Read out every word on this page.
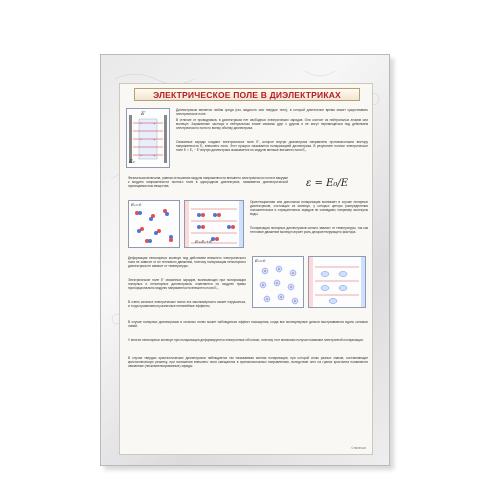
ЭЛЕКТРИЧЕСКОЕ ПОЛЕ В ДИЭЛЕКТРИКАХ
−	+
−	+
−	+
E′
E₀
Диэлектриком является любая среда (газ, жидкость или твердое тело), в которой длительное время может существовать электрическое поле.
В отличие от проводников, в диэлектриках нет свободных электрических зарядов. Они состоят из нейтральных атомов или молекул. Заряженные частицы в нейтральном атоме связаны друг с другом и не могут перемещаться под действием электрического поля по всему объему диэлектрика.
Связанные заряды создают электрическое поле E′, которое внутри диэлектрика направлено противоположно вектору напряженности E₀ внешнего поля. Этот процесс называется поляризацией диэлектрика. В результате полное электрическое поле E = E₀ − E′ внутри диэлектрика оказывается по модулю меньше внешнего поля E₀.
Физическая величина, равная отношению модуля напряженности внешнего электрического поля в вакууме к модулю напряженности полного поля в однородном диэлектрике, называется диэлектрической проницаемостью вещества.	ε = E₀/E
E₀=0
E=E₀+E′
Ориентационная или дипольная поляризация возникает в случае полярных диэлектриков, состоящих из молекул, у которых центры распределения положительных и отрицательных зарядов не совпадают, например молекулы воды.
Поляризация полярных диэлектриков сильно зависит от температуры, так как тепловое движение молекул играет роль дезориентирующего фактора.
Деформация неполярных молекул под действием внешнего электрического поля не зависит от их теплового движения, поэтому поляризация неполярного диэлектрика не зависит от температуры.
Электрическое поле E′ связанных зарядов, возникающих при поляризации полярных и неполярных диэлектриков, изменяется по модулю прямо пропорционально модулю напряженности внешнего поля E₀.
В очень сильных электрических полях эта закономерность может нарушаться, и тогда проявляются различные нелинейные эффекты.
E₀=0
В случае полярных диэлектриков в сильных полях может наблюдаться эффект насыщения, когда все молекулярные диполи выстраиваются вдоль силовых линий.
У многих неполярных молекул при поляризации деформируются электронные оболочки, поэтому этот механизм получил название электронной поляризации.
В случае твердых кристаллических диэлектриков наблюдается так называемая ионная поляризация, при которой ионы разных знаков, составляющие кристаллическую решетку, при наложении внешнего поля смещаются в противоположных направлениях, вследствие чего на гранях кристалла появляются связанные (нескомпенсированные) заряды.
© ВИЗУАЛ
